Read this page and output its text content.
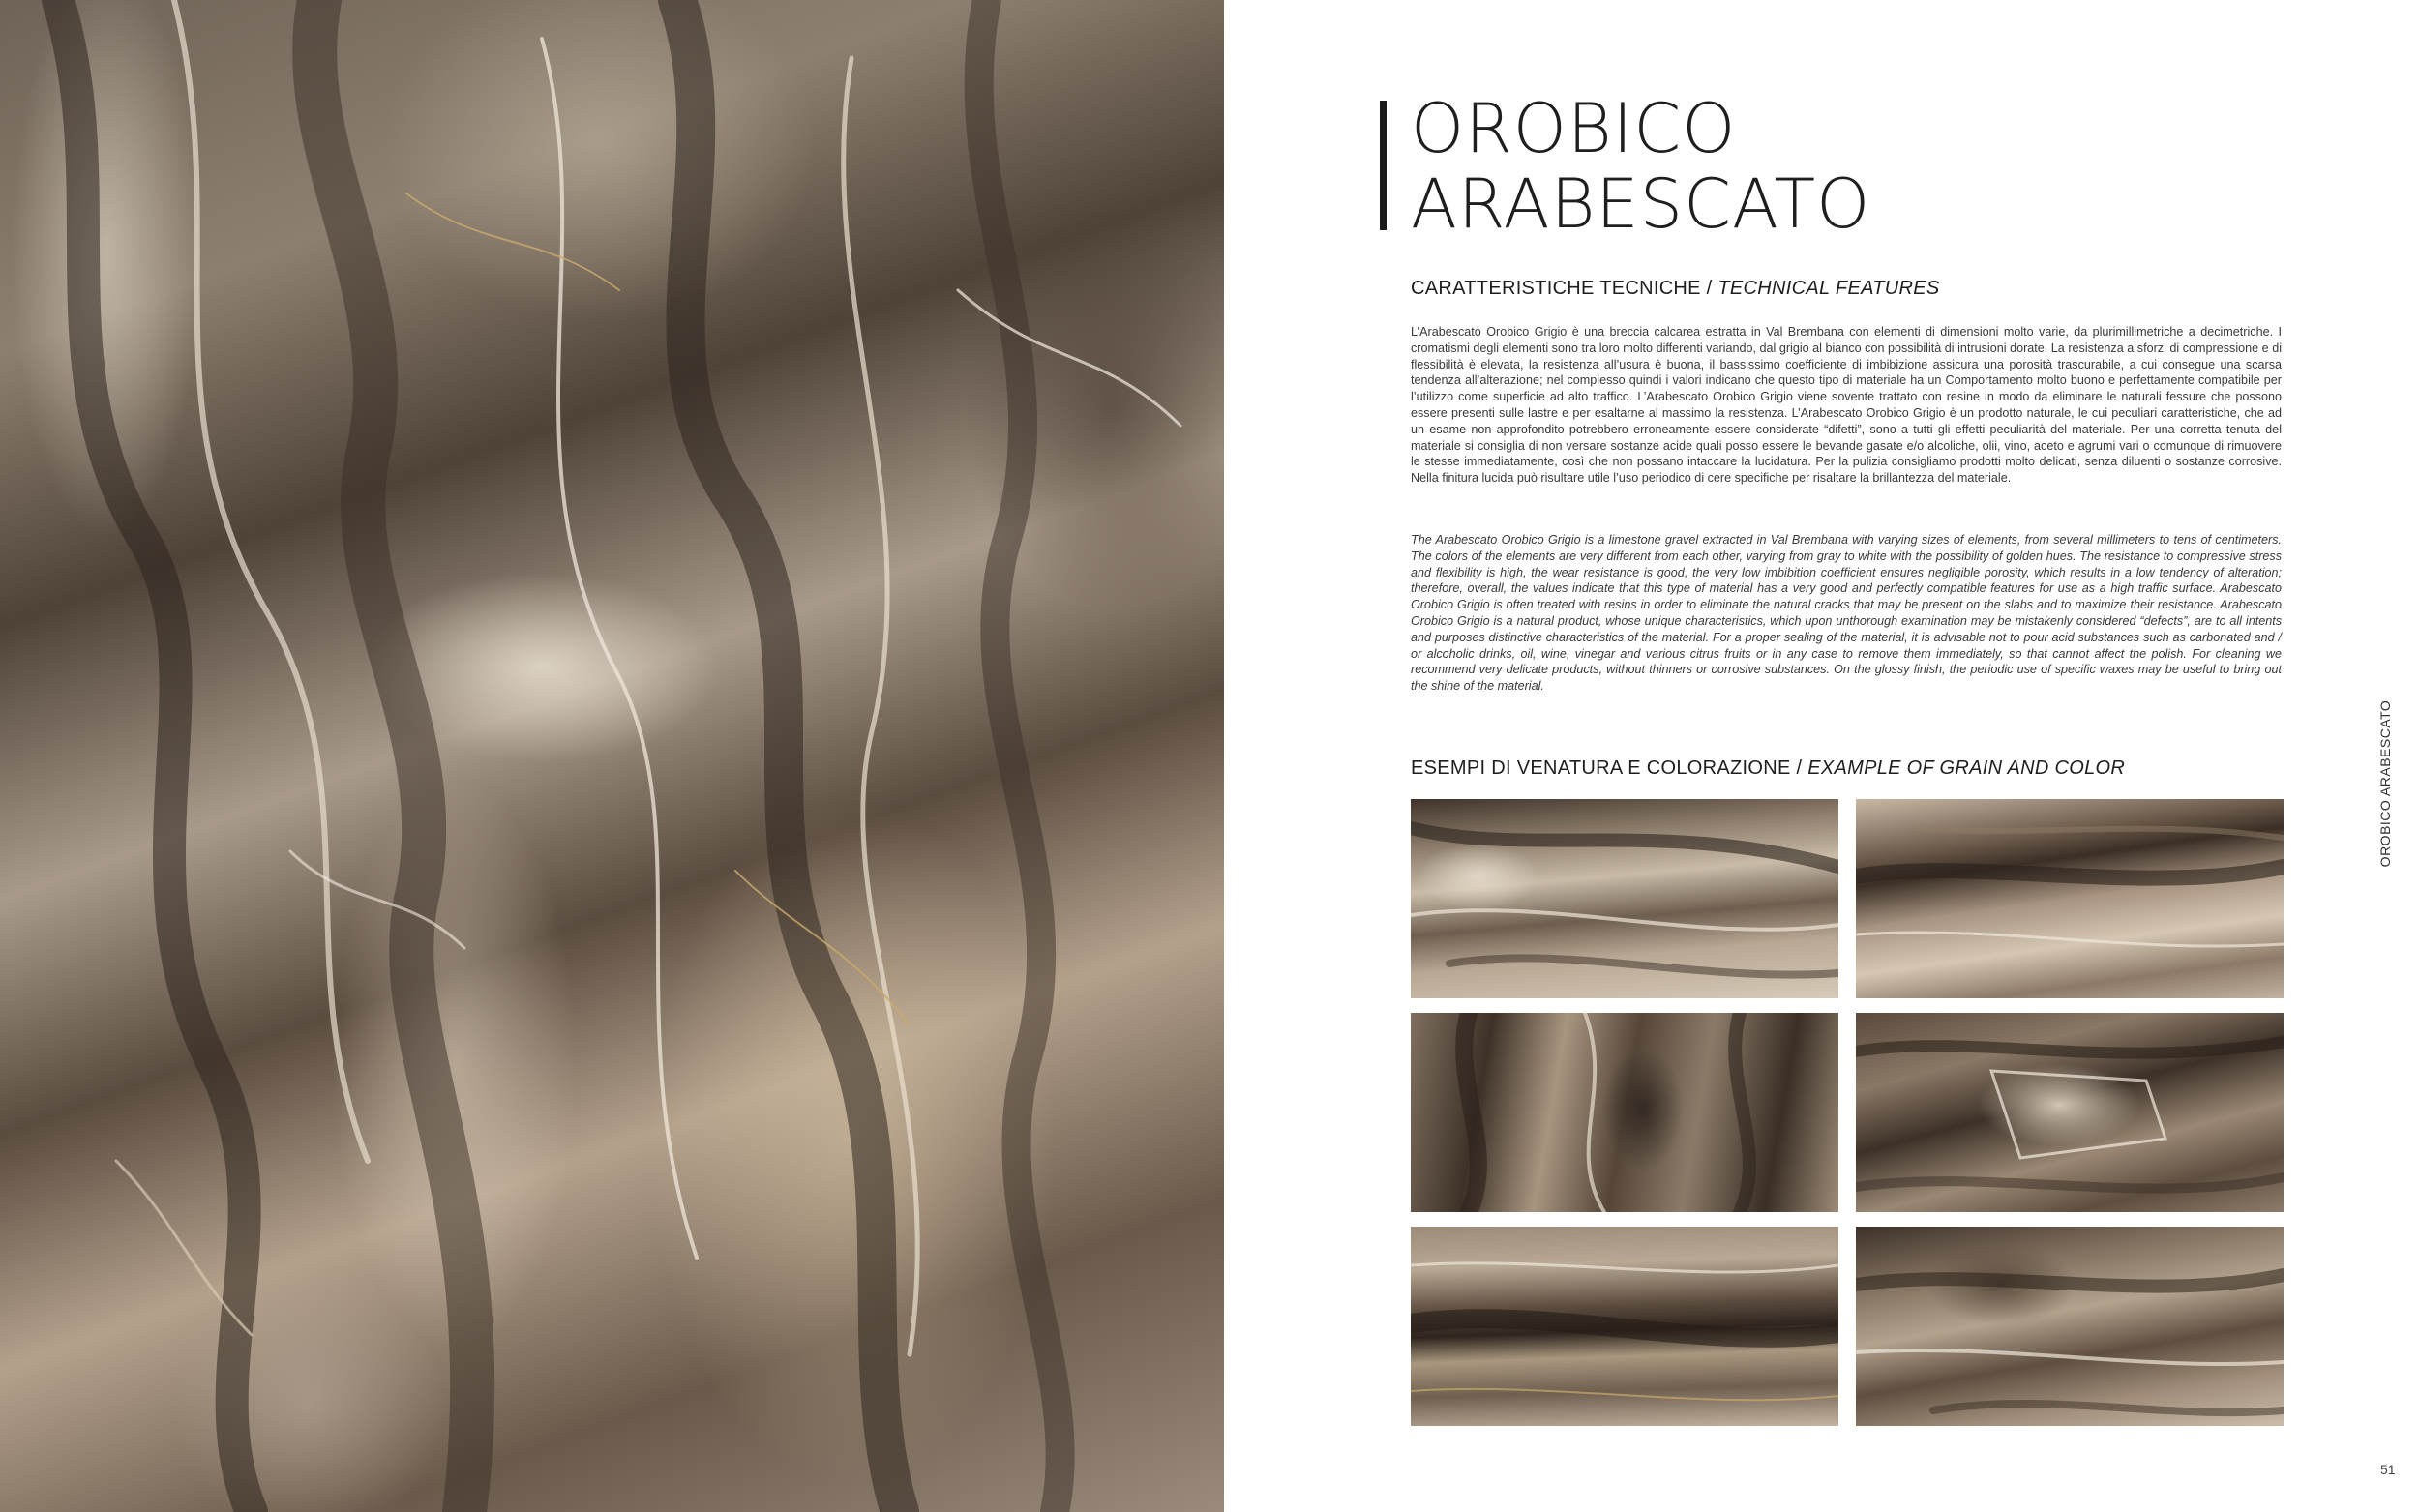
OROBICO
ARABESCATO
CARATTERISTICHE TECNICHE / TECHNICAL FEATURES

L’Arabescato Orobico Grigio è una breccia calcarea estratta in Val Brembana con elementi di dimensioni molto varie, da plurimillimetriche a decimetriche. I cromatismi degli elementi sono tra loro molto differenti variando, dal grigio al bianco con possibilità di intrusioni dorate. La resistenza a sforzi di compressione e di flessibilità è elevata, la resistenza all’usura è buona, il bassissimo coefficiente di imbibizione assicura una porosità trascurabile, a cui consegue una scarsa tendenza all’alterazione; nel complesso quindi i valori indicano che questo tipo di materiale ha un Comportamento molto buono e perfettamente compatibile per l’utilizzo come superficie ad alto traffico. L’Arabescato Orobico Grigio viene sovente trattato con resine in modo da eliminare le naturali fessure che possono essere presenti sulle lastre e per esaltarne al massimo la resistenza. L’Arabescato Orobico Grigio è un prodotto naturale, le cui peculiari caratteristiche, che ad un esame non approfondito potrebbero erroneamente essere considerate “difetti”, sono a tutti gli effetti peculiarità del materiale. Per una corretta tenuta del materiale si consiglia di non versare sostanze acide quali posso essere le bevande gasate e/o alcoliche, olii, vino, aceto e agrumi vari o comunque di rimuovere le stesse immediatamente, così che non possano intaccare la lucidatura. Per la pulizia consigliamo prodotti molto delicati, senza diluenti o sostanze corrosive. Nella finitura lucida può risultare utile l’uso periodico di cere specifiche per risaltare la brillantezza del materiale.

The Arabescato Orobico Grigio is a limestone gravel extracted in Val Brembana with varying sizes of elements, from several millimeters to tens of centimeters. The colors of the elements are very different from each other, varying from gray to white with the possibility of golden hues. The resistance to compressive stress and flexibility is high, the wear resistance is good, the very low imbibition coefficient ensures negligible porosity, which results in a low tendency of alteration; therefore, overall, the values indicate that this type of material has a very good and perfectly compatible features for use as a high traffic surface. Arabescato Orobico Grigio is often treated with resins in order to eliminate the natural cracks that may be present on the slabs and to maximize their resistance. Arabescato Orobico Grigio is a natural product, whose unique characteristics, which upon unthorough examination may be mistakenly considered “defects”, are to all intents and purposes distinctive characteristics of the material. For a proper sealing of the material, it is advisable not to pour acid substances such as carbonated and / or alcoholic drinks, oil, wine, vinegar and various citrus fruits or in any case to remove them immediately, so that cannot affect the polish. For cleaning we recommend very delicate products, without thinners or corrosive substances. On the glossy finish, the periodic use of specific waxes may be useful to bring out the shine of the material.

ESEMPI DI VENATURA E COLORAZIONE / EXAMPLE OF GRAIN AND COLOR	OROBICO ARABESCATO

51
